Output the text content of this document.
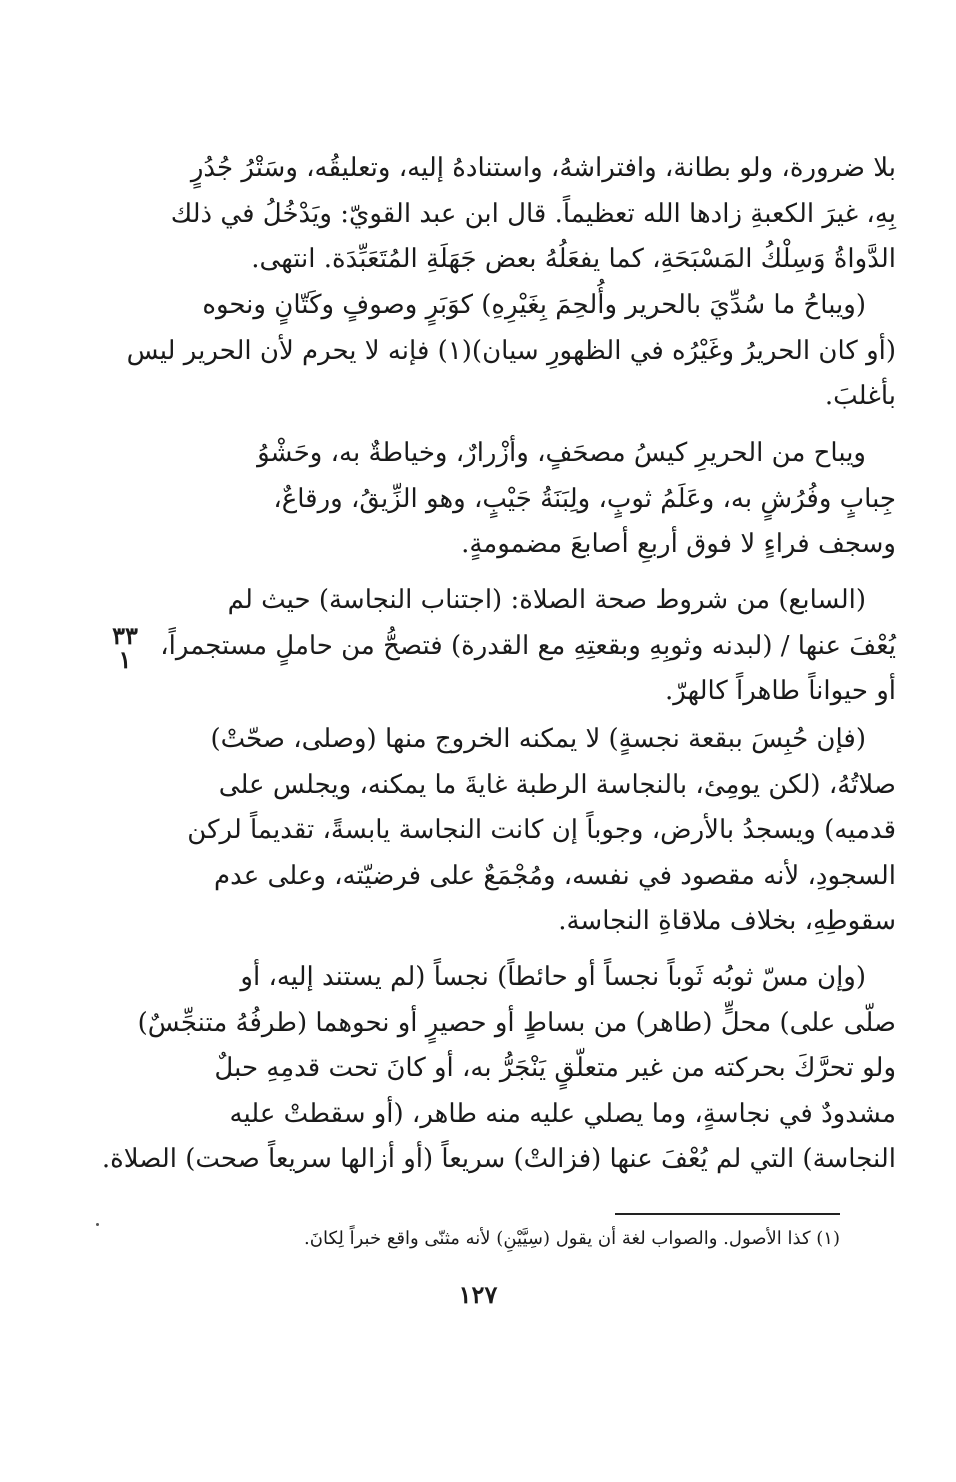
بلا ضرورة، ولو بطانة، وافتراشهُ، واستنادهُ إليه، وتعليقُه، وسَتْرُ جُدُرٍ
بِهِ، غيرَ الكعبةِ زادها الله تعظيماً. قال ابن عبد القويّ: ويَدْخُلُ في ذلك
الدَّواةُ وَسِلْكُ المَسْبَحَةِ، كما يفعَلُهُ بعض جَهَلَةِ المُتَعَبِّدَة. انتهى.
(ويباحُ ما سُدِّيَ بالحرير وأُلحِمَ بِغَيْرِهِ) كوَبَرٍ وصوفٍ وكَتّانٍ ونحوه
(أو كان الحريرُ وغَيْرُه في الظهورِ سيان)(١) فإنه لا يحرم لأن الحرير ليس
بأغلبَ.
ويباح من الحريرِ كيسُ مصحَفٍ، وأزْرارٌ، وخياطةٌ به، وحَشْوُ
جِبابٍ وفُرُشٍ به، وعَلَمُ ثوبٍ، ولِبَنَةُ جَيْبٍ، وهو الزِّيقُ، ورقاعٌ،
وسجف فراءٍ لا فوق أربعِ أصابعَ مضمومةٍ.
(السابع) من شروط صحة الصلاة: (اجتناب النجاسة) حيث لم
يُعْفَ عنها / (لبدنه وثوبِهِ وبقعتِهِ مع القدرة) فتصحُّ من حاملٍ مستجمراً،
أو حيواناً طاهراً كالهرّ.
٣٣
١
(فإن حُبِسَ ببقعة نجسةٍ) لا يمكنه الخروج منها (وصلى، صحّتْ)
صلاتُهُ، (لكن يومِئ، بالنجاسة الرطبة غايةَ ما يمكنه، ويجلس على
قدميه) ويسجدُ بالأرض، وجوباً إن كانت النجاسة يابسةً، تقديماً لركن
السجودِ، لأنه مقصود في نفسه، ومُجْمَعٌ على فرضيّته، وعلى عدم
سقوطِهِ، بخلاف ملاقاةِ النجاسة.
(وإن مسّ ثوبُه ثَوباً نجساً أو حائطاً) نجساً (لم يستند إليه، أو
صلّى على) محلٍّ (طاهر) من بساطٍ أو حصيرٍ أو نحوهما (طرفُهُ متنجِّسٌ)
ولو تحرَّكَ بحركته من غير متعلّقٍ يَنْجَرُّ به، أو كانَ تحت قدمِهِ حبلٌ
مشدودٌ في نجاسةٍ، وما يصلي عليه منه طاهر، (أو سقطتْ عليه
النجاسة) التي لم يُعْفَ عنها (فزالتْ) سريعاً (أو أزالها سريعاً صحت) الصلاة.
(١) كذا الأصول. والصواب لغة أن يقول (سِيَّيْنِ) لأنه مثنّى واقع خبراً لِكانَ.
١٢٧
